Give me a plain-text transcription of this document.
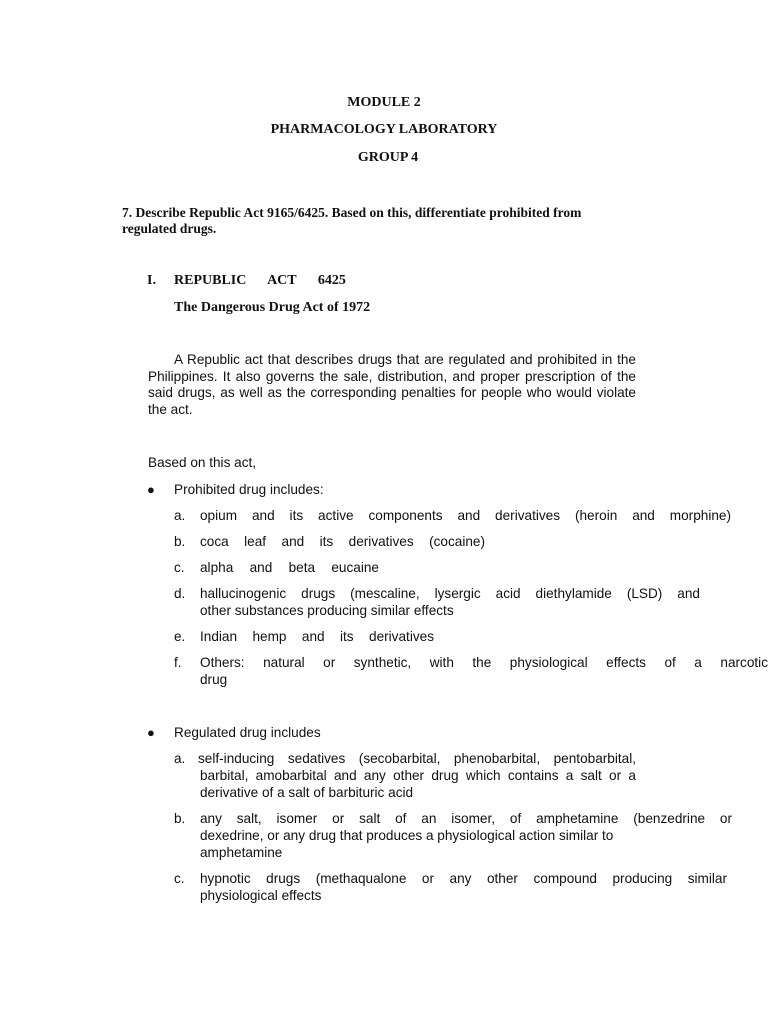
MODULE 2
PHARMACOLOGY LABORATORY
GROUP 4
7. Describe Republic Act 9165/6425. Based on this, differentiate prohibited from regulated drugs.
I. REPUBLIC ACT 6425
The Dangerous Drug Act of 1972
A Republic act that describes drugs that are regulated and prohibited in the Philippines. It also governs the sale, distribution, and proper prescription of the said drugs, as well as the corresponding penalties for people who would violate the act.
Based on this act,
● Prohibited drug includes:
a. opium and its active components and derivatives (heroin and morphine)
b. coca leaf and its derivatives (cocaine)
c. alpha and beta eucaine
d. hallucinogenic drugs (mescaline, lysergic acid diethylamide (LSD) and
other substances producing similar effects
e. Indian hemp and its derivatives
f. Others: natural or synthetic, with the physiological effects of a narcotic
drug
● Regulated drug includes
a. self-inducing sedatives (secobarbital, phenobarbital, pentobarbital,
barbital, amobarbital and any other drug which contains a salt or a
derivative of a salt of barbituric acid
b. any salt, isomer or salt of an isomer, of amphetamine (benzedrine or
dexedrine, or any drug that produces a physiological action similar to
amphetamine
c. hypnotic drugs (methaqualone or any other compound producing similar
physiological effects
